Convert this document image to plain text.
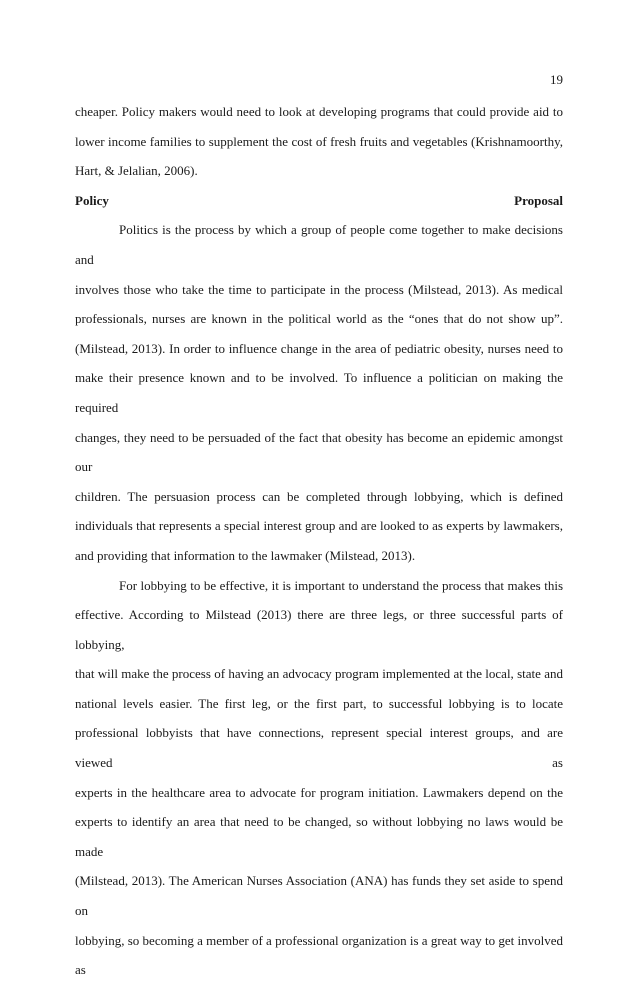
19

cheaper. Policy makers would need to look at developing programs that could provide aid to

lower income families to supplement the cost of fresh fruits and vegetables (Krishnamoorthy,

Hart, & Jelalian, 2006).

Policy Proposal

Politics is the process by which a group of people come together to make decisions and

involves those who take the time to participate in the process (Milstead, 2013). As medical

professionals, nurses are known in the political world as the “ones that do not show up”.

(Milstead, 2013). In order to influence change in the area of pediatric obesity, nurses need to

make their presence known and to be involved. To influence a politician on making the required

changes, they need to be persuaded of the fact that obesity has become an epidemic amongst our

children. The persuasion process can be completed through lobbying, which is defined

individuals that represents a special interest group and are looked to as experts by lawmakers,

and providing that information to the lawmaker (Milstead, 2013).

For lobbying to be effective, it is important to understand the process that makes this

effective. According to Milstead (2013) there are three legs, or three successful parts of lobbying,

that will make the process of having an advocacy program implemented at the local, state and

national levels easier. The first leg, or the first part, to successful lobbying is to locate

professional lobbyists that have connections, represent special interest groups, and are viewed as

experts in the healthcare area to advocate for program initiation. Lawmakers depend on the

experts to identify an area that need to be changed, so without lobbying no laws would be made

(Milstead, 2013). The American Nurses Association (ANA) has funds they set aside to spend on

lobbying, so becoming a member of a professional organization is a great way to get involved as
